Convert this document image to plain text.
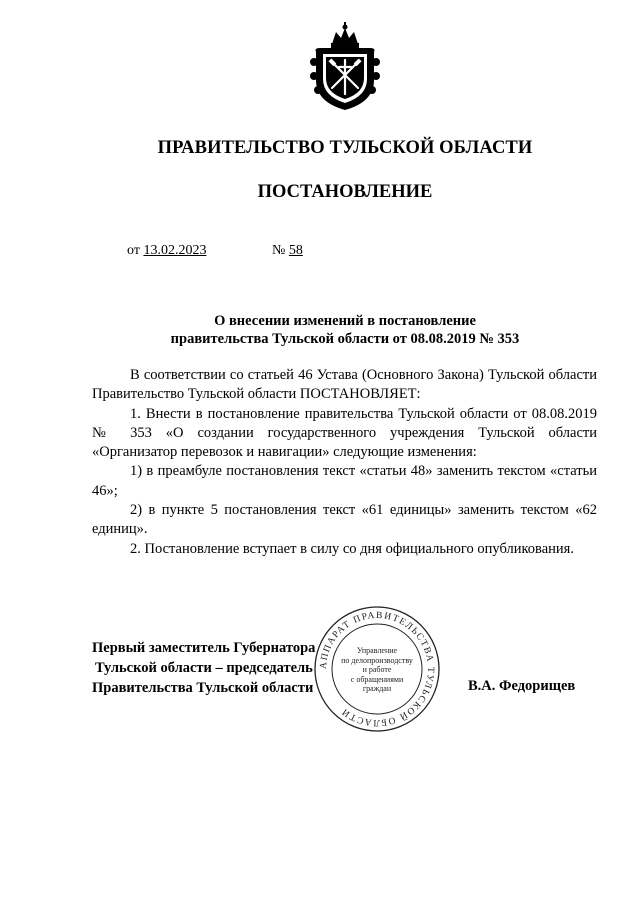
ПРАВИТЕЛЬСТВО ТУЛЬСКОЙ ОБЛАСТИ
ПОСТАНОВЛЕНИЕ
от 13.02.2023	№ 58
О внесении изменений в постановление
правительства Тульской области от 08.08.2019 № 353

В соответствии со статьей 46 Устава (Основного Закона) Тульской области Правительство Тульской области ПОСТАНОВЛЯЕТ:

1. Внести в постановление правительства Тульской области от 08.08.2019 № 353 «О создании государственного учреждения Тульской области «Организатор перевозок и навигации» следующие изменения:

1) в преамбуле постановления текст «статьи 48» заменить текстом «статьи 46»;

2) в пункте 5 постановления текст «61 единицы» заменить текстом «62 единиц».

2. Постановление вступает в силу со дня официального опубликования.

АППАРАТ ПРАВИТЕЛЬСТВА ТУЛЬСКОЙ ОБЛАСТИ
Управление
по делопроизводству
и работе
с обращениями
граждан
Первый заместитель Губернатора
Тульской области – председатель
Правительства Тульской области	В.А. Федорищев
